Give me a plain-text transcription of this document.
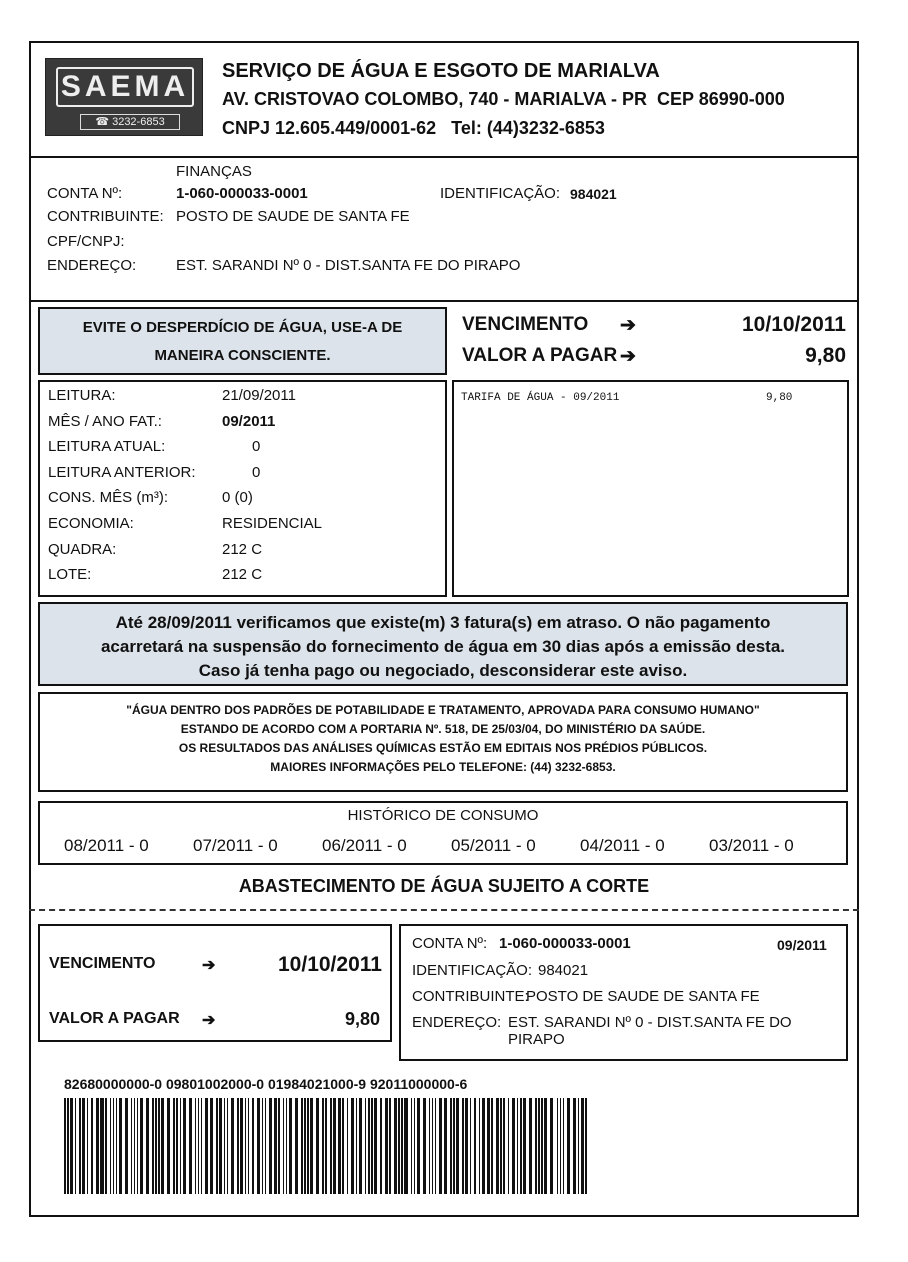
SAEMA
☎ 3232-6853
SERVIÇO DE ÁGUA E ESGOTO DE MARIALVA
AV. CRISTOVAO COLOMBO, 740 - MARIALVA - PR  CEP 86990-000
CNPJ 12.605.449/0001-62   Tel: (44)3232-6853
FINANÇAS
CONTA Nº:	1-060-000033-0001	IDENTIFICAÇÃO: 984021
CONTRIBUINTE: POSTO DE SAUDE DE SANTA FE
CPF/CNPJ:
ENDEREÇO:	EST. SARANDI Nº 0 - DIST.SANTA FE DO PIRAPO
EVITE O DESPERDÍCIO DE ÁGUA, USE-A DE
MANEIRA CONSCIENTE.
VENCIMENTO ➔	10/10/2011
VALOR A PAGAR ➔	9,80
LEITURA:	21/09/2011
MÊS / ANO FAT.:	09/2011
LEITURA ATUAL:	0
LEITURA ANTERIOR:	0
CONS. MÊS (m³):	0 (0)
ECONOMIA:	RESIDENCIAL
QUADRA:	212 C
LOTE:	212 C
TARIFA DE ÁGUA - 09/2011	9,80
Até 28/09/2011 verificamos que existe(m) 3 fatura(s) em atraso. O não pagamento
acarretará na suspensão do fornecimento de água em 30 dias após a emissão desta.
Caso já tenha pago ou negociado, desconsiderar este aviso.
"ÁGUA DENTRO DOS PADRÕES DE POTABILIDADE E TRATAMENTO, APROVADA PARA CONSUMO HUMANO"
ESTANDO DE ACORDO COM A PORTARIA Nº. 518, DE 25/03/04, DO MINISTÉRIO DA SAÚDE.
OS RESULTADOS DAS ANÁLISES QUÍMICAS ESTÃO EM EDITAIS NOS PRÉDIOS PÚBLICOS.
MAIORES INFORMAÇÕES PELO TELEFONE: (44) 3232-6853.
HISTÓRICO DE CONSUMO
08/2011 - 0	07/2011 - 0	06/2011 - 0	05/2011 - 0	04/2011 - 0	03/2011 - 0
ABASTECIMENTO DE ÁGUA SUJEITO A CORTE
VENCIMENTO	➔	10/10/2011
VALOR A PAGAR ➔	9,80
CONTA Nº: 1-060-000033-0001	09/2011
IDENTIFICAÇÃO: 984021
CONTRIBUINTE:
POSTO DE SAUDE DE SANTA FE
ENDEREÇO: EST. SARANDI Nº 0 - DIST.SANTA FE DO
PIRAPO
82680000000-0 09801002000-0 01984021000-9 92011000000-6
